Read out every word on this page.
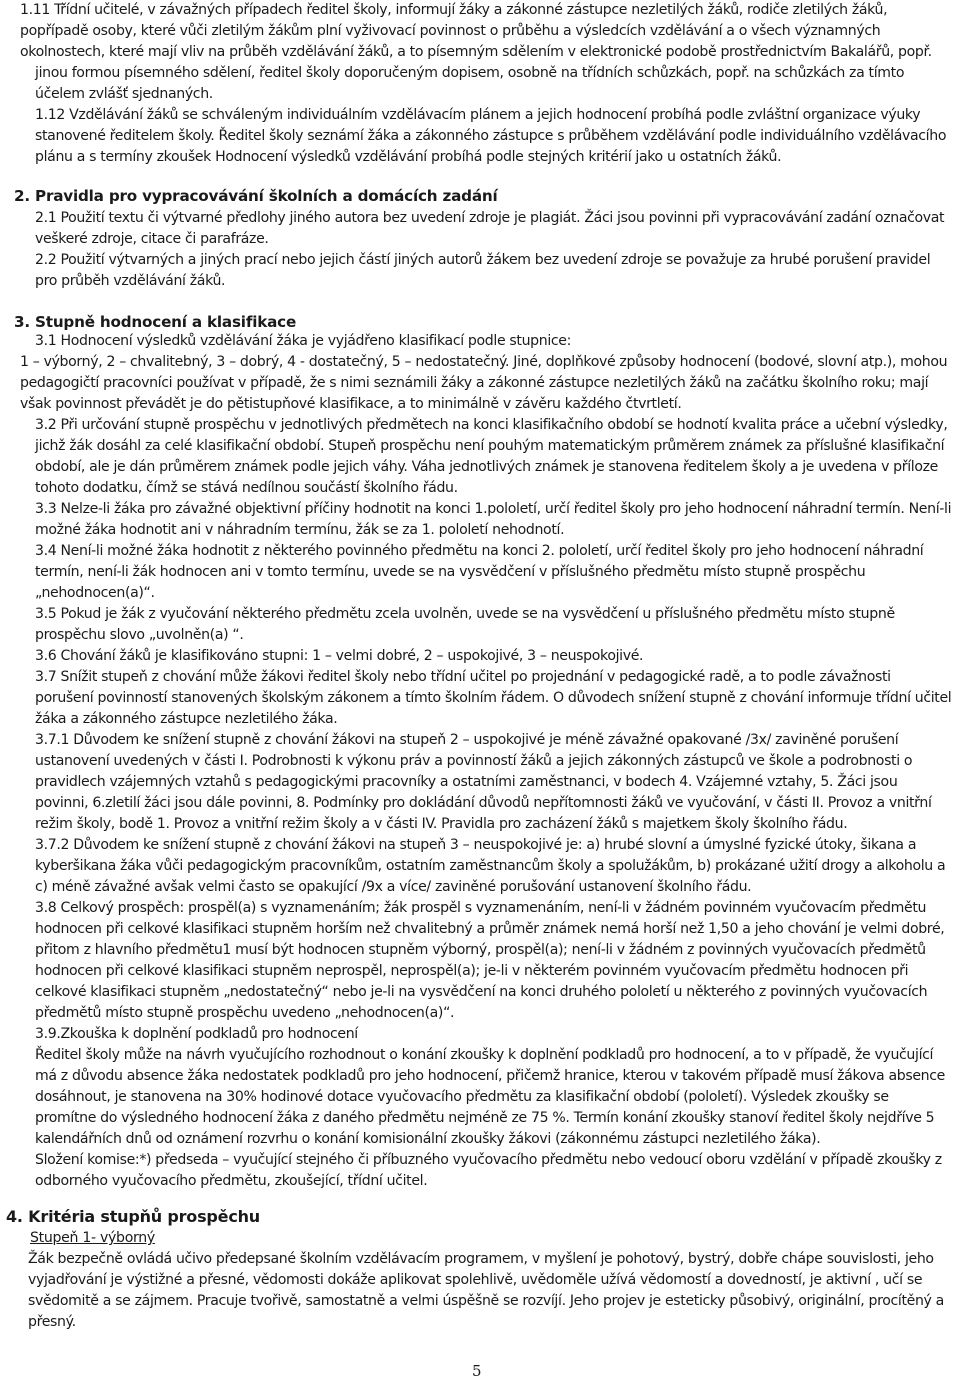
1.11 Třídní učitelé, v závažných případech ředitel školy, informují žáky a zákonné zástupce nezletilých žáků, rodiče zletilých žáků, popřípadě osoby, které vůči zletilým žákům plní vyživovací povinnost o průběhu a výsledcích vzdělávání a o všech významných okolnostech, které mají vliv na průběh vzdělávání žáků, a to písemným sdělením v elektronické podobě prostřednictvím Bakalářů, popř.

jinou formou písemného sdělení, ředitel školy doporučeným dopisem, osobně na třídních schůzkách, popř. na schůzkách za tímto účelem zvlášť sjednaných.

1.12 Vzdělávání žáků se schváleným individuálním vzdělávacím plánem a jejich hodnocení probíhá podle zvláštní organizace výuky stanovené ředitelem školy. Ředitel školy seznámí žáka a zákonného zástupce s průběhem vzdělávání podle individuálního vzdělávacího plánu a s termíny zkoušek Hodnocení výsledků vzdělávání probíhá podle stejných kritérií jako u ostatních žáků.

2. Pravidla pro vypracovávání školních a domácích zadání

2.1 Použití textu či výtvarné předlohy jiného autora bez uvedení zdroje je plagiát. Žáci jsou povinni při vypracovávání zadání označovat veškeré zdroje, citace či parafráze.

2.2 Použití výtvarných a jiných prací nebo jejich částí jiných autorů žákem bez uvedení zdroje se považuje za hrubé porušení pravidel pro průběh vzdělávání žáků.

3. Stupně hodnocení a klasifikace

3.1 Hodnocení výsledků vzdělávání žáka je vyjádřeno klasifikací podle stupnice:

1 – výborný, 2 – chvalitebný, 3 – dobrý, 4 - dostatečný, 5 – nedostatečný. Jiné, doplňkové způsoby hodnocení (bodové, slovní atp.), mohou pedagogičtí pracovníci používat v případě, že s nimi seznámili žáky a zákonné zástupce nezletilých žáků na začátku školního roku; mají však povinnost převádět je do pětistupňové klasifikace, a to minimálně v závěru každého čtvrtletí.

3.2 Při určování stupně prospěchu v jednotlivých předmětech na konci klasifikačního období se hodnotí kvalita práce a učební výsledky, jichž žák dosáhl za celé klasifikační období. Stupeň prospěchu není pouhým matematickým průměrem známek za příslušné klasifikační období, ale je dán průměrem známek podle jejich váhy. Váha jednotlivých známek je stanovena ředitelem školy a je uvedena v příloze tohoto dodatku, čímž se stává nedílnou součástí školního řádu.

3.3 Nelze-li žáka pro závažné objektivní příčiny hodnotit na konci 1.pololetí, určí ředitel školy pro jeho hodnocení náhradní termín. Není-li možné žáka hodnotit ani v náhradním termínu, žák se za 1. pololetí nehodnotí.

3.4 Není-li možné žáka hodnotit z některého povinného předmětu na konci 2. pololetí, určí ředitel školy pro jeho hodnocení náhradní termín, není-li žák hodnocen ani v tomto termínu, uvede se na vysvědčení v příslušného předmětu místo stupně prospěchu „nehodnocen(a)“.

3.5 Pokud je žák z vyučování některého předmětu zcela uvolněn, uvede se na vysvědčení u příslušného předmětu místo stupně prospěchu slovo „uvolněn(a) “.

3.6 Chování žáků je klasifikováno stupni: 1 – velmi dobré, 2 – uspokojivé, 3 – neuspokojivé.

3.7 Snížit stupeň z chování může žákovi ředitel školy nebo třídní učitel po projednání v pedagogické radě, a to podle závažnosti porušení povinností stanovených školským zákonem a tímto školním řádem. O důvodech snížení stupně z chování informuje třídní učitel žáka a zákonného zástupce nezletilého žáka.

3.7.1 Důvodem ke snížení stupně z chování žákovi na stupeň 2 – uspokojivé je méně závažné opakované /3x/ zaviněné porušení ustanovení uvedených v části I. Podrobnosti k výkonu práv a povinností žáků a jejich zákonných zástupců ve škole a podrobnosti o pravidlech vzájemných vztahů s pedagogickými pracovníky a ostatními zaměstnanci, v bodech 4. Vzájemné vztahy, 5. Žáci jsou povinni, 6.zletilí žáci jsou dále povinni, 8. Podmínky pro dokládání důvodů nepřítomnosti žáků ve vyučování, v části II. Provoz a vnitřní režim školy, bodě 1. Provoz a vnitřní režim školy a v části IV. Pravidla pro zacházení žáků s majetkem školy školního řádu.

3.7.2 Důvodem ke snížení stupně z chování žákovi na stupeň 3 – neuspokojivé je: a) hrubé slovní a úmyslné fyzické útoky, šikana a kyberšikana žáka vůči pedagogickým pracovníkům, ostatním zaměstnancům školy a spolužákům, b) prokázané užití drogy a alkoholu a c) méně závažné avšak velmi často se opakující /9x a více/ zaviněné porušování ustanovení školního řádu.

3.8 Celkový prospěch: prospěl(a) s vyznamenáním; žák prospěl s vyznamenáním, není-li v žádném povinném vyučovacím předmětu hodnocen při celkové klasifikaci stupněm horším než chvalitebný a průměr známek nemá horší než 1,50 a jeho chování je velmi dobré, přitom z hlavního předmětu1 musí být hodnocen stupněm výborný, prospěl(a); není-li v žádném z povinných vyučovacích předmětů hodnocen při celkové klasifikaci stupněm neprospěl, neprospěl(a); je-li v některém povinném vyučovacím předmětu hodnocen při celkové klasifikaci stupněm „nedostatečný“ nebo je-li na vysvědčení na konci druhého pololetí u některého z povinných vyučovacích předmětů místo stupně prospěchu uvedeno „nehodnocen(a)“.

3.9.Zkouška k doplnění podkladů pro hodnocení

Ředitel školy může na návrh vyučujícího rozhodnout o konání zkoušky k doplnění podkladů pro hodnocení, a to v případě, že vyučující má z důvodu absence žáka nedostatek podkladů pro jeho hodnocení, přičemž hranice, kterou v takovém případě musí žákova absence dosáhnout, je stanovena na 30% hodinové dotace vyučovacího předmětu za klasifikační období (pololetí). Výsledek zkoušky se promítne do výsledného hodnocení žáka z daného předmětu nejméně ze 75 %. Termín konání zkoušky stanoví ředitel školy nejdříve 5 kalendářních dnů od oznámení rozvrhu o konání komisionální zkoušky žákovi (zákonnému zástupci nezletilého žáka).

Složení komise:*) předseda – vyučující stejného či příbuzného vyučovacího předmětu nebo vedoucí oboru vzdělání v případě zkoušky z odborného vyučovacího předmětu, zkoušející, třídní učitel.

4. Kritéria stupňů prospěchu
Stupeň 1- výborný

Žák bezpečně ovládá učivo předepsané školním vzdělávacím programem, v myšlení je pohotový, bystrý, dobře chápe souvislosti, jeho vyjadřování je výstižné a přesné, vědomosti dokáže aplikovat spolehlivě, uvědoměle užívá vědomostí a dovedností, je aktivní , učí se svědomitě a se zájmem. Pracuje tvořivě, samostatně a velmi úspěšně se rozvíjí. Jeho projev je esteticky působivý, originální, procítěný a přesný.

5
